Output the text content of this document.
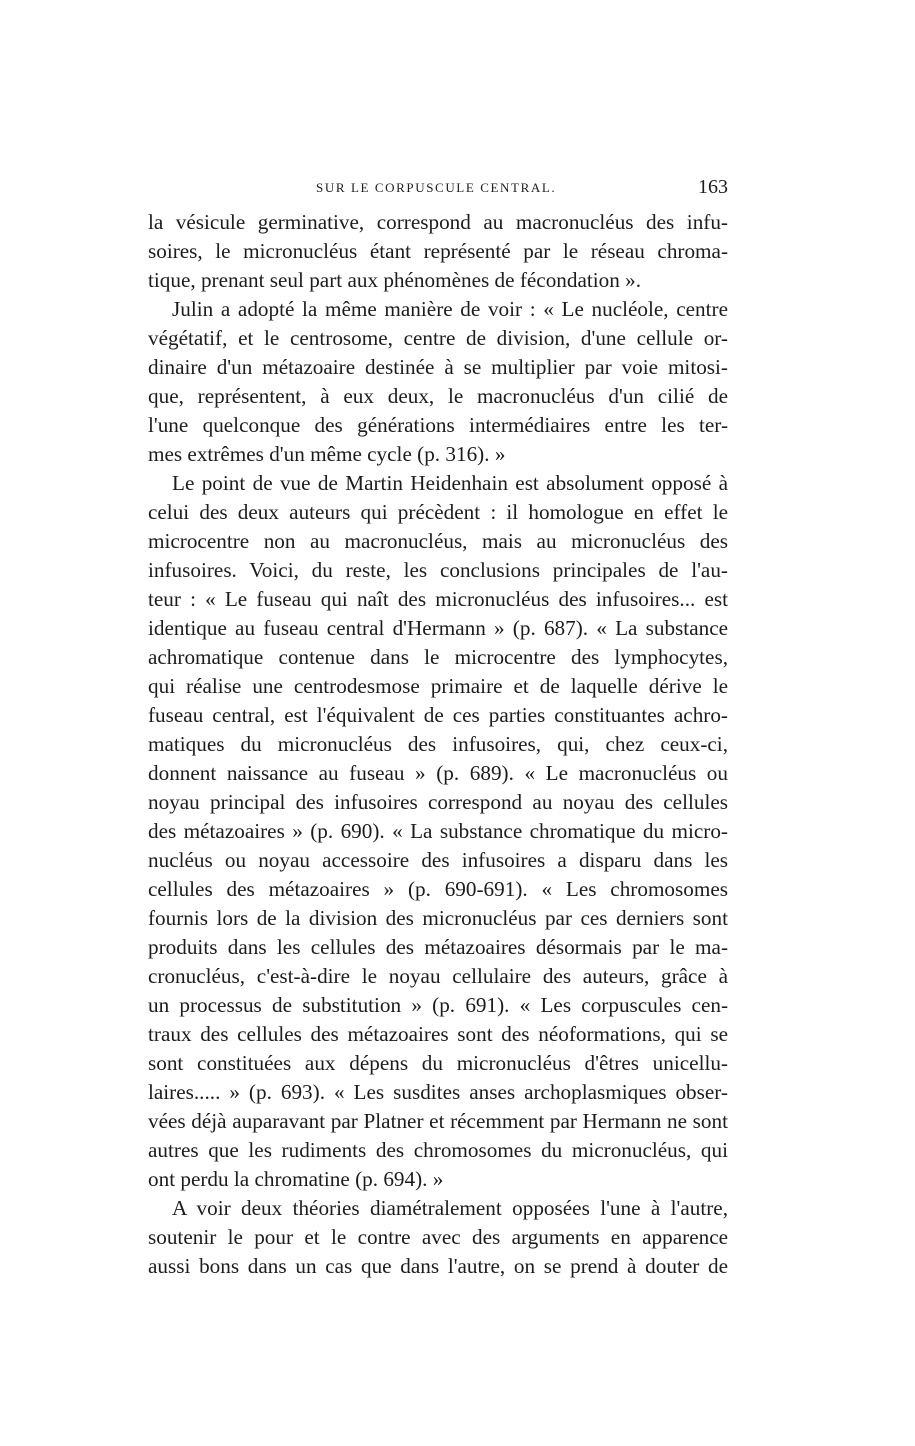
SUR LE CORPUSCULE CENTRAL.	163
la vésicule germinative, correspond au macronucléus des infu-
soires, le micronucléus étant représenté par le réseau chroma-
tique, prenant seul part aux phénomènes de fécondation ».
Julin a adopté la même manière de voir : « Le nucléole, centre
végétatif, et le centrosome, centre de division, d'une cellule or-
dinaire d'un métazoaire destinée à se multiplier par voie mitosi-
que, représentent, à eux deux, le macronucléus d'un cilié de
l'une quelconque des générations intermédiaires entre les ter-
mes extrêmes d'un même cycle (p. 316). »
Le point de vue de Martin Heidenhain est absolument opposé à
celui des deux auteurs qui précèdent : il homologue en effet le
microcentre non au macronucléus, mais au micronucléus des
infusoires. Voici, du reste, les conclusions principales de l'au-
teur : « Le fuseau qui naît des micronucléus des infusoires... est
identique au fuseau central d'Hermann » (p. 687). « La substance
achromatique contenue dans le microcentre des lymphocytes,
qui réalise une centrodesmose primaire et de laquelle dérive le
fuseau central, est l'équivalent de ces parties constituantes achro-
matiques du micronucléus des infusoires, qui, chez ceux-ci,
donnent naissance au fuseau » (p. 689). « Le macronucléus ou
noyau principal des infusoires correspond au noyau des cellules
des métazoaires » (p. 690). « La substance chromatique du micro-
nucléus ou noyau accessoire des infusoires a disparu dans les
cellules des métazoaires » (p. 690-691). « Les chromosomes
fournis lors de la division des micronucléus par ces derniers sont
produits dans les cellules des métazoaires désormais par le ma-
cronucléus, c'est-à-dire le noyau cellulaire des auteurs, grâce à
un processus de substitution » (p. 691). « Les corpuscules cen-
traux des cellules des métazoaires sont des néoformations, qui se
sont constituées aux dépens du micronucléus d'êtres unicellu-
laires..... » (p. 693). « Les susdites anses archoplasmiques obser-
vées déjà auparavant par Platner et récemment par Hermann ne sont
autres que les rudiments des chromosomes du micronucléus, qui
ont perdu la chromatine (p. 694). »
A voir deux théories diamétralement opposées l'une à l'autre,
soutenir le pour et le contre avec des arguments en apparence
aussi bons dans un cas que dans l'autre, on se prend à douter de
